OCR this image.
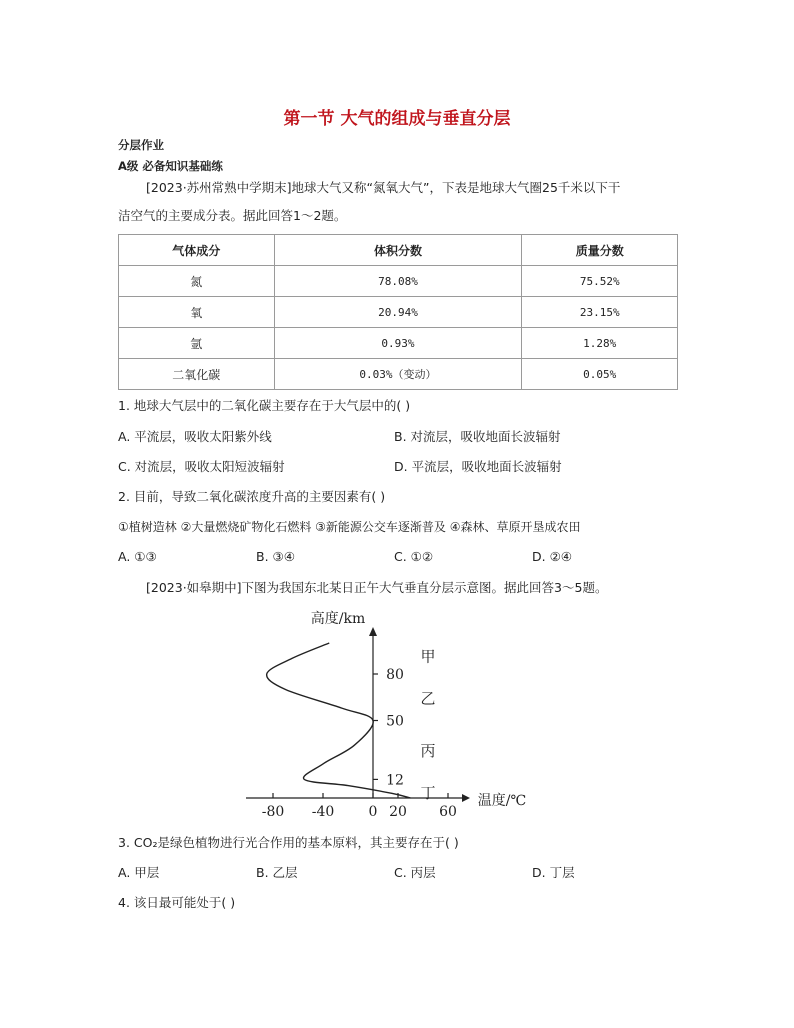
第一节 大气的组成与垂直分层
分层作业
A级 必备知识基础练
[2023·苏州常熟中学期末]地球大气又称“氮氧大气”，下表是地球大气圈25千米以下干
洁空气的主要成分表。据此回答1～2题。
气体成分	体积分数	质量分数
氮	78.08%	75.52%
氧	20.94%	23.15%
氩	0.93%	1.28%
二氧化碳	0.03%（变动）	0.05%
1. 地球大气层中的二氧化碳主要存在于大气层中的( )
A. 平流层，吸收太阳紫外线	B. 对流层，吸收地面长波辐射
C. 对流层，吸收太阳短波辐射	D. 平流层，吸收地面长波辐射
2. 目前，导致二氧化碳浓度升高的主要因素有( )
①植树造林 ②大量燃烧矿物化石燃料 ③新能源公交车逐渐普及 ④森林、草原开垦成农田
A. ①③	B. ③④	C. ①②	D. ②④
[2023·如皋期中]下图为我国东北某日正午大气垂直分层示意图。据此回答3～5题。
高度/km
温度/℃
12
50
80
-80 -40 0 20 60
甲
乙
丙
丁
3. CO₂是绿色植物进行光合作用的基本原料，其主要存在于( )
A. 甲层	B. 乙层	C. 丙层	D. 丁层
4. 该日最可能处于( )
